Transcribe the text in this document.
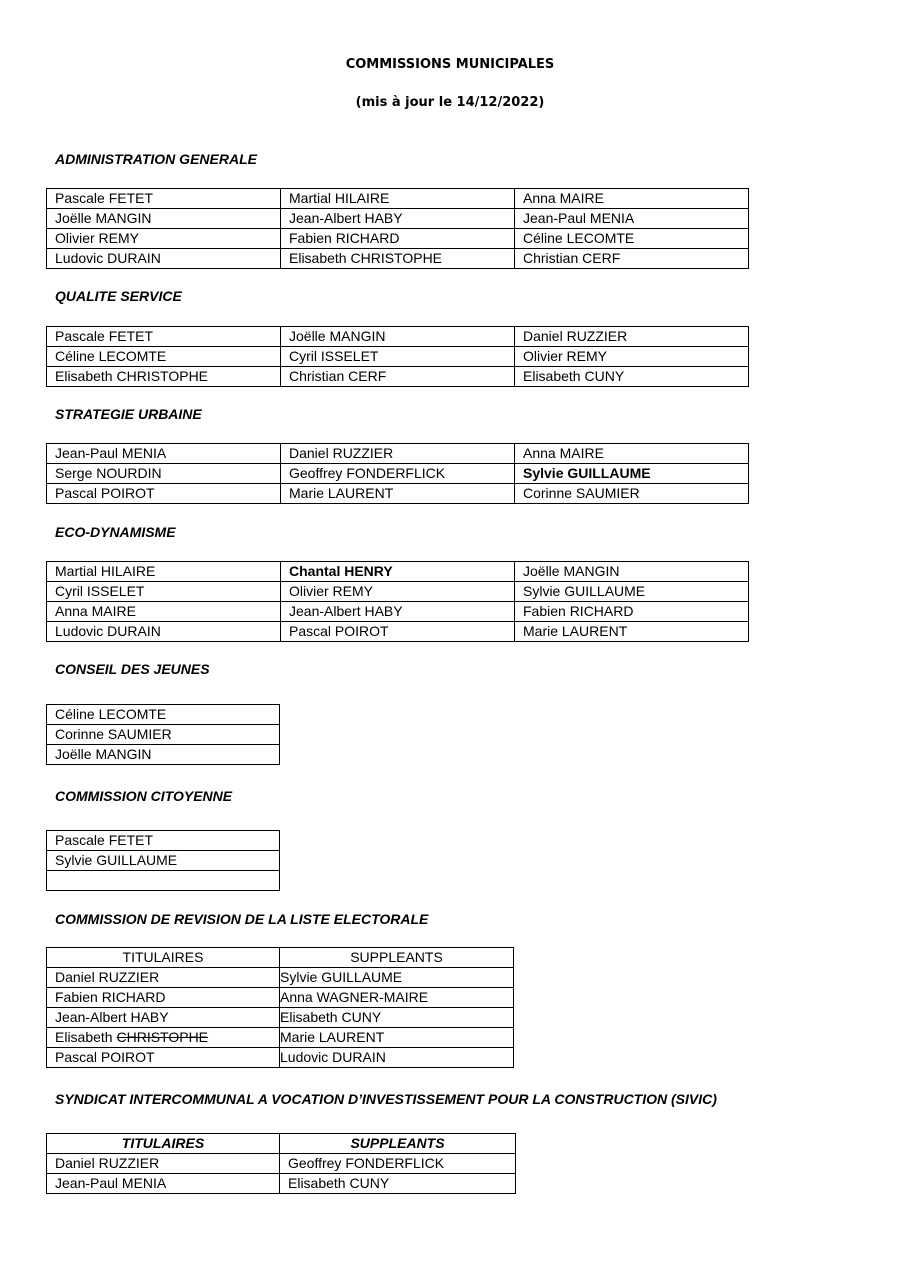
COMMISSIONS MUNICIPALES
(mis à jour le 14/12/2022)
ADMINISTRATION GENERALE
Pascale FETET	Martial HILAIRE	Anna MAIRE
Joëlle MANGIN	Jean-Albert HABY	Jean-Paul MENIA
Olivier REMY	Fabien RICHARD	Céline LECOMTE
Ludovic DURAIN	Elisabeth CHRISTOPHE	Christian CERF
QUALITE SERVICE
Pascale FETET	Joëlle MANGIN	Daniel RUZZIER
Céline LECOMTE	Cyril ISSELET	Olivier REMY
Elisabeth CHRISTOPHE	Christian CERF	Elisabeth CUNY
STRATEGIE URBAINE
Jean-Paul MENIA	Daniel RUZZIER	Anna MAIRE
Serge NOURDIN	Geoffrey FONDERFLICK	Sylvie GUILLAUME
Pascal POIROT	Marie LAURENT	Corinne SAUMIER
ECO-DYNAMISME
Martial HILAIRE	Chantal HENRY	Joëlle MANGIN
Cyril ISSELET	Olivier REMY	Sylvie GUILLAUME
Anna MAIRE	Jean-Albert HABY	Fabien RICHARD
Ludovic DURAIN	Pascal POIROT	Marie LAURENT
CONSEIL DES JEUNES
Céline LECOMTE
Corinne SAUMIER
Joëlle MANGIN
COMMISSION CITOYENNE
Pascale FETET
Sylvie GUILLAUME

COMMISSION DE REVISION DE LA LISTE ELECTORALE
TITULAIRES	SUPPLEANTS
Daniel RUZZIER	Sylvie GUILLAUME
Fabien RICHARD	Anna WAGNER-MAIRE
Jean-Albert HABY	Elisabeth CUNY
Elisabeth CHRISTOPHE	Marie LAURENT
Pascal POIROT	Ludovic DURAIN
SYNDICAT INTERCOMMUNAL A VOCATION D’INVESTISSEMENT POUR LA CONSTRUCTION (SIVIC)
TITULAIRES	SUPPLEANTS
Daniel RUZZIER	Geoffrey FONDERFLICK
Jean-Paul MENIA	Elisabeth CUNY
